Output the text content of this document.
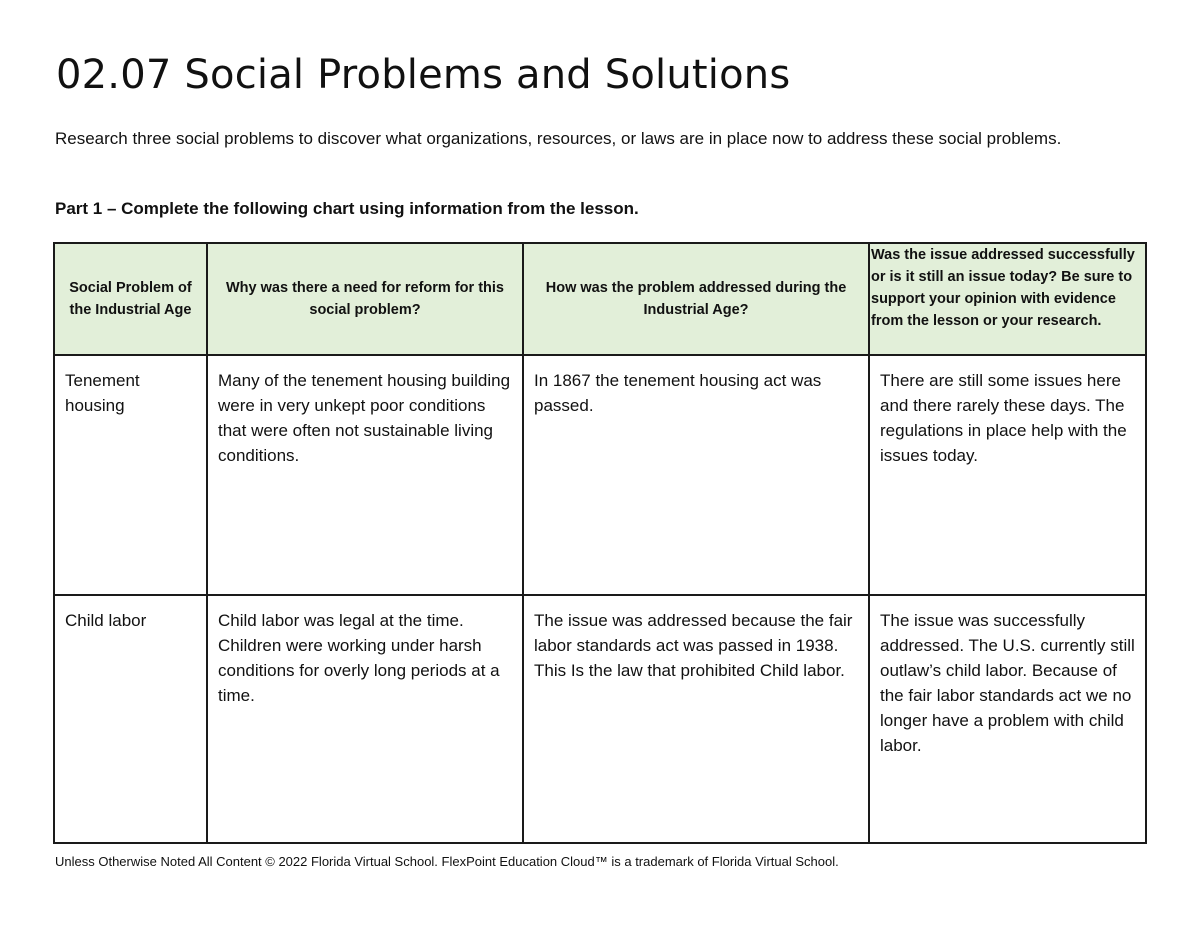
02.07 Social Problems and Solutions

Research three social problems to discover what organizations, resources, or laws are in place now to address these social problems.

Part 1 – Complete the following chart using information from the lesson.

Social Problem of the Industrial Age	Why was there a need for reform for this social problem?	How was the problem addressed during the Industrial Age?	Was the issue addressed successfully or is it still an issue today? Be sure to support your opinion with evidence from the lesson or your research.
Tenement housing	Many of the tenement housing building were in very unkept poor conditions that were often not sustainable living conditions.	In 1867 the tenement housing act was passed.	There are still some issues here and there rarely these days. The regulations in place help with the issues today.
Child labor	Child labor was legal at the time. Children were working under harsh conditions for overly long periods at a time.	The issue was addressed because the fair labor standards act was passed in 1938. This Is the law that prohibited Child labor.	The issue was successfully addressed. The U.S. currently still outlaw’s child labor. Because of the fair labor standards act we no longer have a problem with child labor.
Unless Otherwise Noted All Content © 2022 Florida Virtual School. FlexPoint Education Cloud™ is a trademark of Florida Virtual School.
